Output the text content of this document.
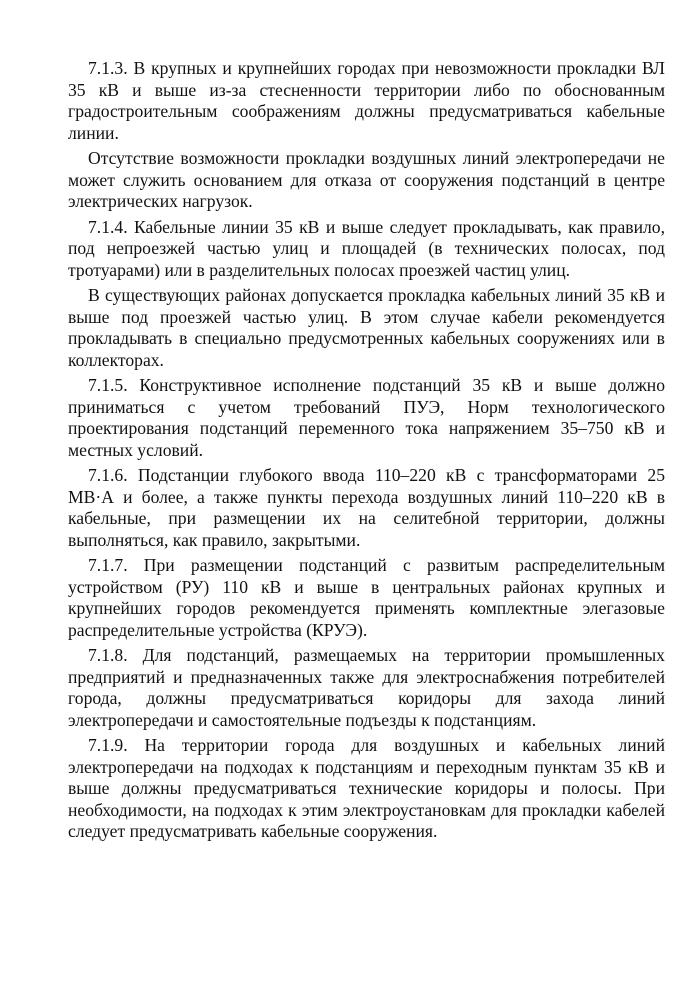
7.1.3. В крупных и крупнейших городах при невозможности прокладки ВЛ 35 кВ и выше из-за стесненности территории либо по обоснованным градостроительным соображениям должны предусматриваться кабельные линии.

Отсутствие возможности прокладки воздушных линий электропередачи не может служить основанием для отказа от сооружения подстанций в центре электрических нагрузок.

7.1.4. Кабельные линии 35 кВ и выше следует прокладывать, как правило, под непроезжей частью улиц и площадей (в технических полосах, под тротуарами) или в разделительных полосах проезжей частиц улиц.

В существующих районах допускается прокладка кабельных линий 35 кВ и выше под проезжей частью улиц. В этом случае кабели рекомендуется прокладывать в специально предусмотренных кабельных сооружениях или в коллекторах.

7.1.5. Конструктивное исполнение подстанций 35 кВ и выше должно приниматься с учетом требований ПУЭ, Норм технологического проектирования подстанций переменного тока напряжением 35–750 кВ и местных условий.

7.1.6. Подстанции глубокого ввода 110–220 кВ с трансформаторами 25 МВ·А и более, а также пункты перехода воздушных линий 110–220 кВ в кабельные, при размещении их на селитебной территории, должны выполняться, как правило, закрытыми.

7.1.7. При размещении подстанций с развитым распределительным устройством (РУ) 110 кВ и выше в центральных районах крупных и крупнейших городов рекомендуется применять комплектные элегазовые распределительные устройства (КРУЭ).

7.1.8. Для подстанций, размещаемых на территории промышленных предприятий и предназначенных также для электроснабжения потребителей города, должны предусматриваться коридоры для захода линий электропередачи и самостоятельные подъезды к подстанциям.

7.1.9. На территории города для воздушных и кабельных линий электропередачи на подходах к подстанциям и переходным пунктам 35 кВ и выше должны предусматриваться технические коридоры и полосы. При необходимости, на подходах к этим электроустановкам для прокладки кабелей следует предусматривать кабельные сооружения.
